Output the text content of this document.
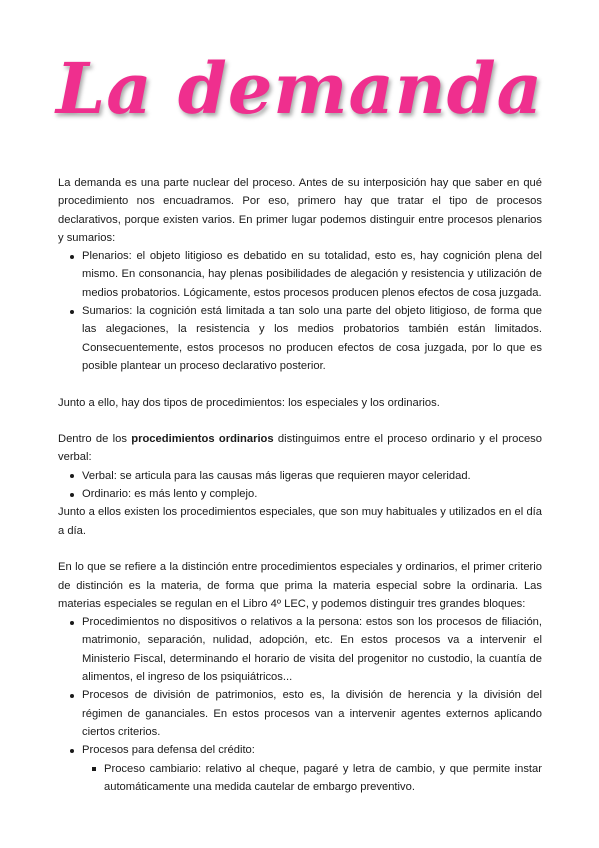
La demanda

La demanda es una parte nuclear del proceso. Antes de su interposición hay que saber en qué procedimiento nos encuadramos. Por eso, primero hay que tratar el tipo de procesos declarativos, porque existen varios. En primer lugar podemos distinguir entre procesos plenarios y sumarios:

Plenarios: el objeto litigioso es debatido en su totalidad, esto es, hay cognición plena del mismo. En consonancia, hay plenas posibilidades de alegación y resistencia y utilización de medios probatorios. Lógicamente, estos procesos producen plenos efectos de cosa juzgada.
Sumarios: la cognición está limitada a tan solo una parte del objeto litigioso, de forma que las alegaciones, la resistencia y los medios probatorios también están limitados. Consecuentemente, estos procesos no producen efectos de cosa juzgada, por lo que es posible plantear un proceso declarativo posterior.

Junto a ello, hay dos tipos de procedimientos: los especiales y los ordinarios.

Dentro de los procedimientos ordinarios distinguimos entre el proceso ordinario y el proceso verbal:

Verbal: se articula para las causas más ligeras que requieren mayor celeridad.
Ordinario: es más lento y complejo.

Junto a ellos existen los procedimientos especiales, que son muy habituales y utilizados en el día a día.

En lo que se refiere a la distinción entre procedimientos especiales y ordinarios, el primer criterio de distinción es la materia, de forma que prima la materia especial sobre la ordinaria. Las materias especiales se regulan en el Libro 4º LEC, y podemos distinguir tres grandes bloques:

Procedimientos no dispositivos o relativos a la persona: estos son los procesos de filiación, matrimonio, separación, nulidad, adopción, etc. En estos procesos va a intervenir el Ministerio Fiscal, determinando el horario de visita del progenitor no custodio, la cuantía de alimentos, el ingreso de los psiquiátricos...
Procesos de división de patrimonios, esto es, la división de herencia y la división del régimen de gananciales. En estos procesos van a intervenir agentes externos aplicando ciertos criterios.
Procesos para defensa del crédito:
Proceso cambiario: relativo al cheque, pagaré y letra de cambio, y que permite instar automáticamente una medida cautelar de embargo preventivo.
